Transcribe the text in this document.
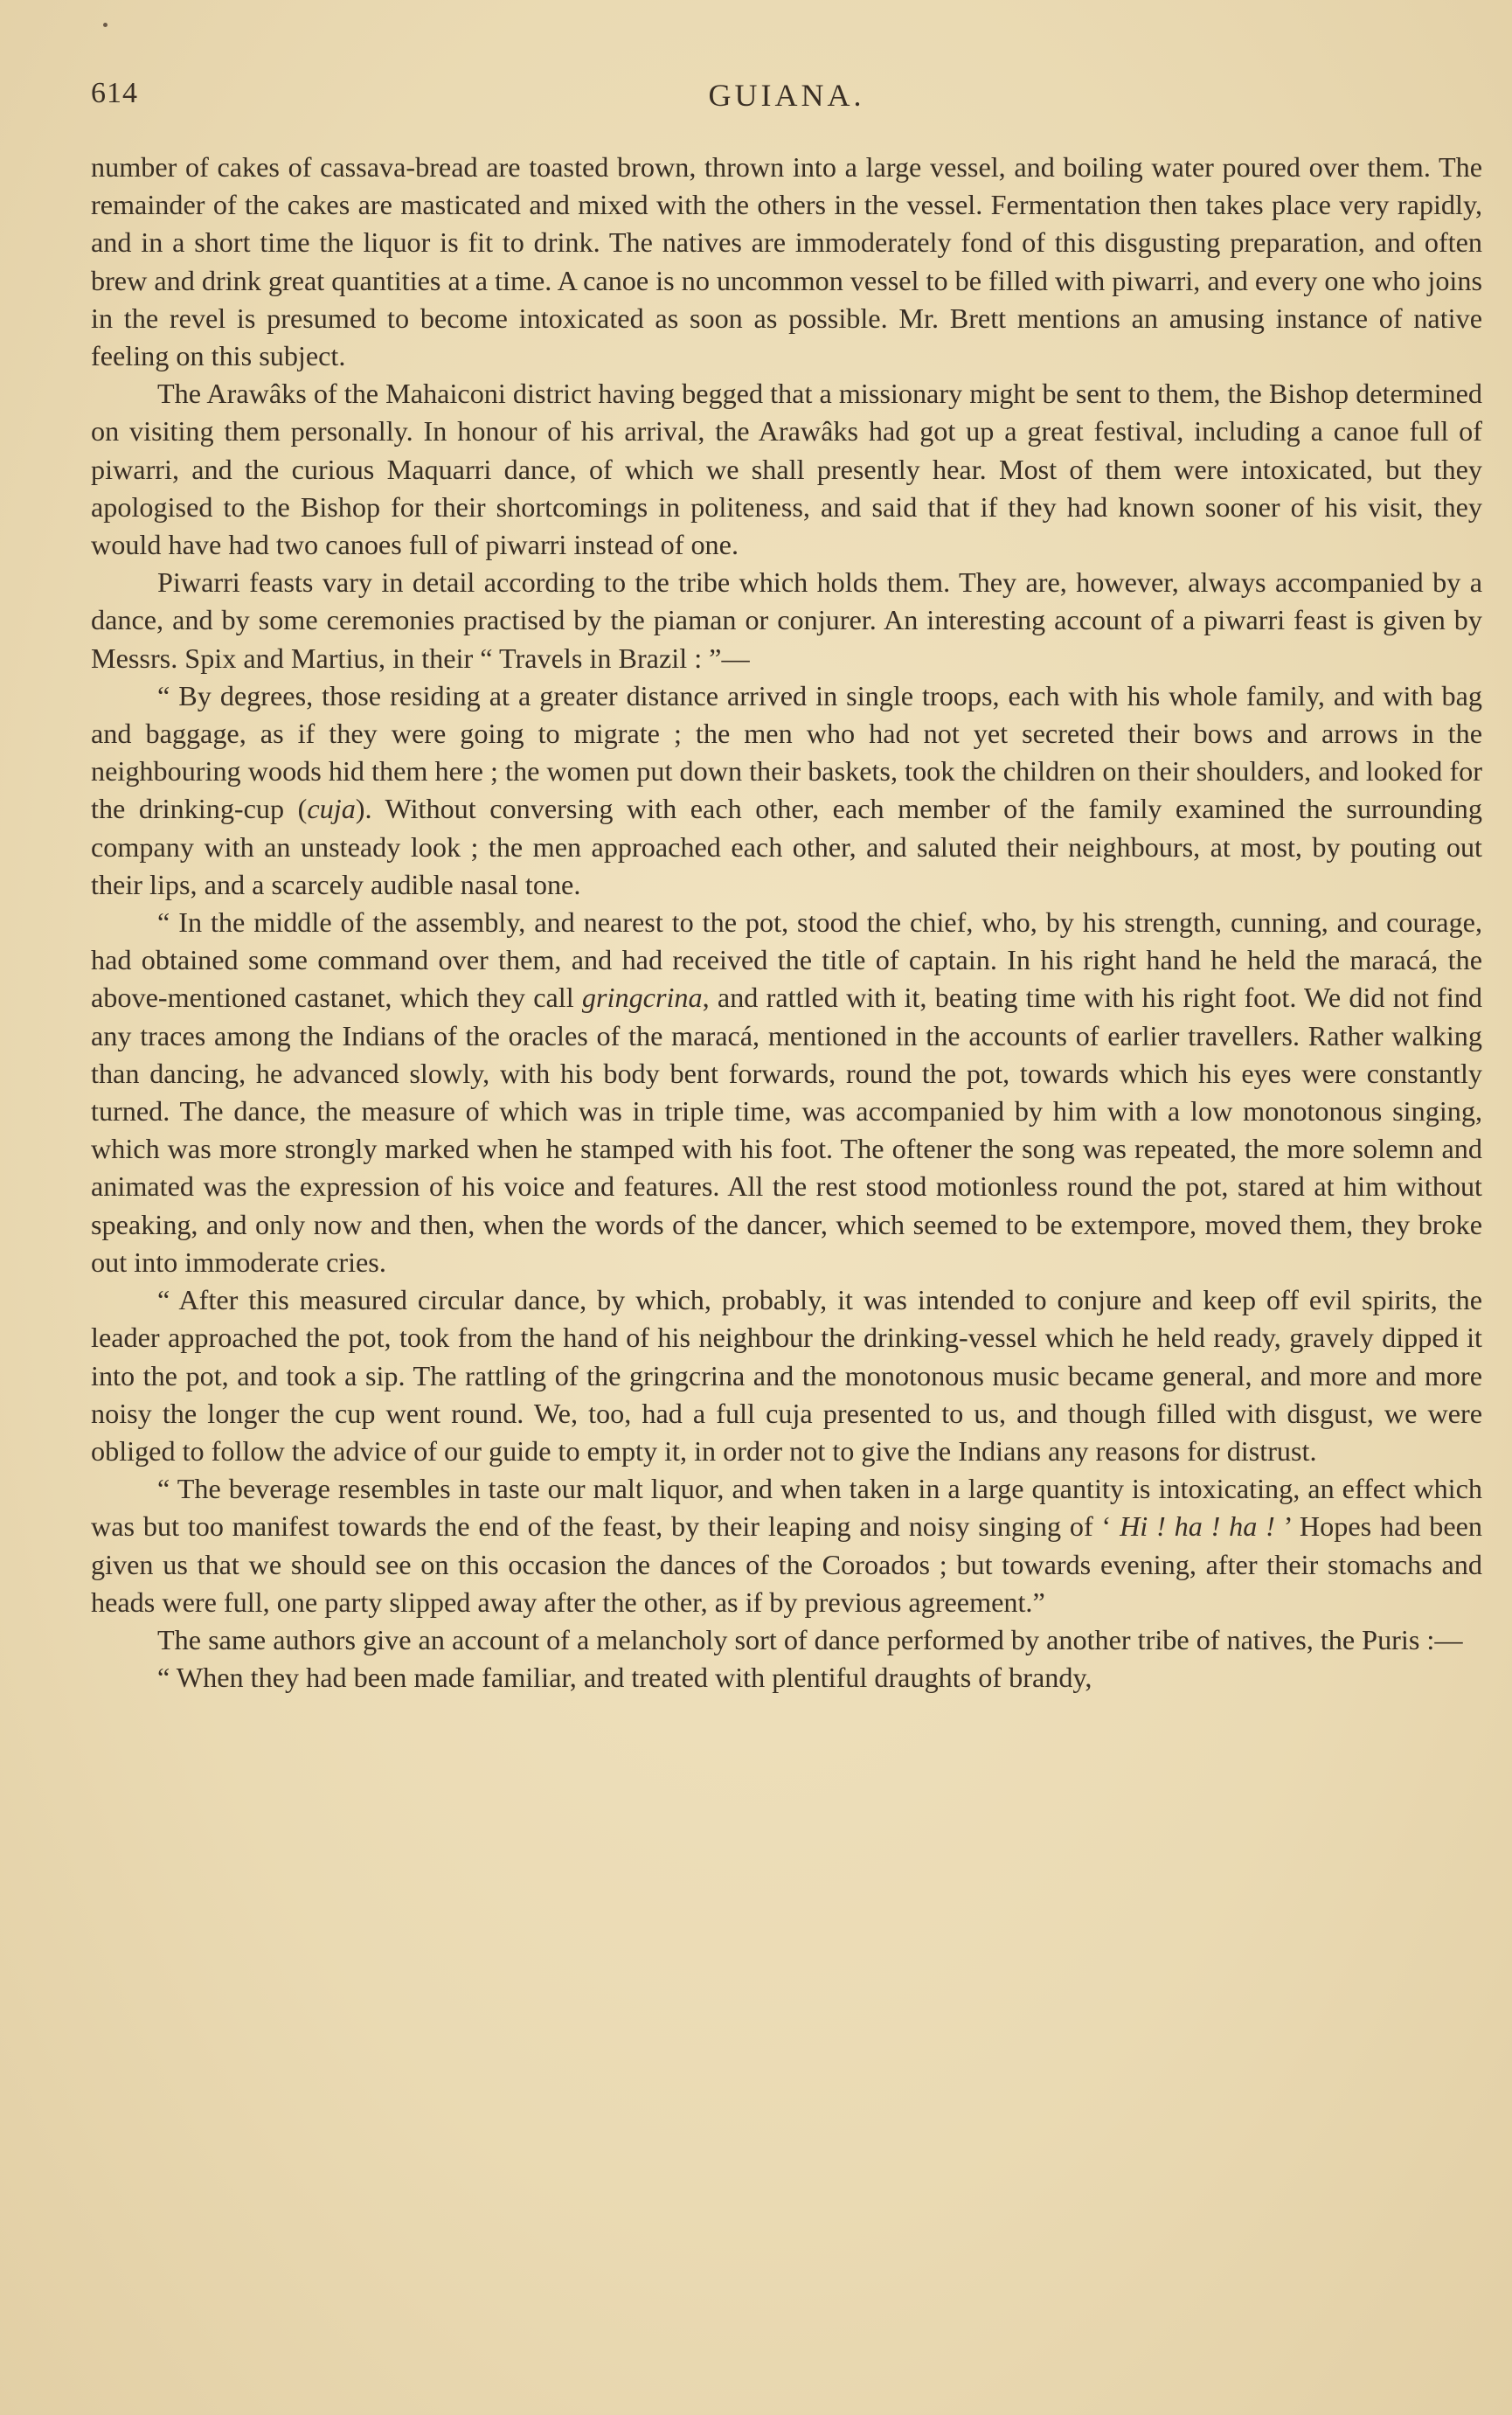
614	GUIANA.

number of cakes of cassava-bread are toasted brown, thrown into a large vessel, and boiling water poured over them. The remainder of the cakes are masticated and mixed with the others in the vessel. Fermentation then takes place very rapidly, and in a short time the liquor is fit to drink. The natives are immoderately fond of this disgusting preparation, and often brew and drink great quantities at a time. A canoe is no uncommon vessel to be filled with piwarri, and every one who joins in the revel is presumed to become intoxicated as soon as possible. Mr. Brett mentions an amusing instance of native feeling on this subject.

The Arawâks of the Mahaiconi district having begged that a missionary might be sent to them, the Bishop determined on visiting them personally. In honour of his arrival, the Arawâks had got up a great festival, including a canoe full of piwarri, and the curious Maquarri dance, of which we shall presently hear. Most of them were intoxicated, but they apologised to the Bishop for their shortcomings in politeness, and said that if they had known sooner of his visit, they would have had two canoes full of piwarri instead of one.

Piwarri feasts vary in detail according to the tribe which holds them. They are, however, always accompanied by a dance, and by some ceremonies practised by the piaman or conjurer. An interesting account of a piwarri feast is given by Messrs. Spix and Martius, in their “ Travels in Brazil : ”—

“ By degrees, those residing at a greater distance arrived in single troops, each with his whole family, and with bag and baggage, as if they were going to migrate ; the men who had not yet secreted their bows and arrows in the neighbouring woods hid them here ; the women put down their baskets, took the children on their shoulders, and looked for the drinking-cup (cuja). Without conversing with each other, each member of the family examined the surrounding company with an unsteady look ; the men approached each other, and saluted their neighbours, at most, by pouting out their lips, and a scarcely audible nasal tone.

“ In the middle of the assembly, and nearest to the pot, stood the chief, who, by his strength, cunning, and courage, had obtained some command over them, and had received the title of captain. In his right hand he held the maracá, the above-mentioned castanet, which they call gringcrina, and rattled with it, beating time with his right foot. We did not find any traces among the Indians of the oracles of the maracá, mentioned in the accounts of earlier travellers. Rather walking than dancing, he advanced slowly, with his body bent forwards, round the pot, towards which his eyes were constantly turned. The dance, the measure of which was in triple time, was accompanied by him with a low monotonous singing, which was more strongly marked when he stamped with his foot. The oftener the song was repeated, the more solemn and animated was the expression of his voice and features. All the rest stood motionless round the pot, stared at him without speaking, and only now and then, when the words of the dancer, which seemed to be extempore, moved them, they broke out into immoderate cries.

“ After this measured circular dance, by which, probably, it was intended to conjure and keep off evil spirits, the leader approached the pot, took from the hand of his neighbour the drinking-vessel which he held ready, gravely dipped it into the pot, and took a sip. The rattling of the gringcrina and the monotonous music became general, and more and more noisy the longer the cup went round. We, too, had a full cuja presented to us, and though filled with disgust, we were obliged to follow the advice of our guide to empty it, in order not to give the Indians any reasons for distrust.

“ The beverage resembles in taste our malt liquor, and when taken in a large quantity is intoxicating, an effect which was but too manifest towards the end of the feast, by their leaping and noisy singing of ‘ Hi ! ha ! ha ! ’ Hopes had been given us that we should see on this occasion the dances of the Coroados ; but towards evening, after their stomachs and heads were full, one party slipped away after the other, as if by previous agreement.”

The same authors give an account of a melancholy sort of dance performed by another tribe of natives, the Puris :—

“ When they had been made familiar, and treated with plentiful draughts of brandy,
